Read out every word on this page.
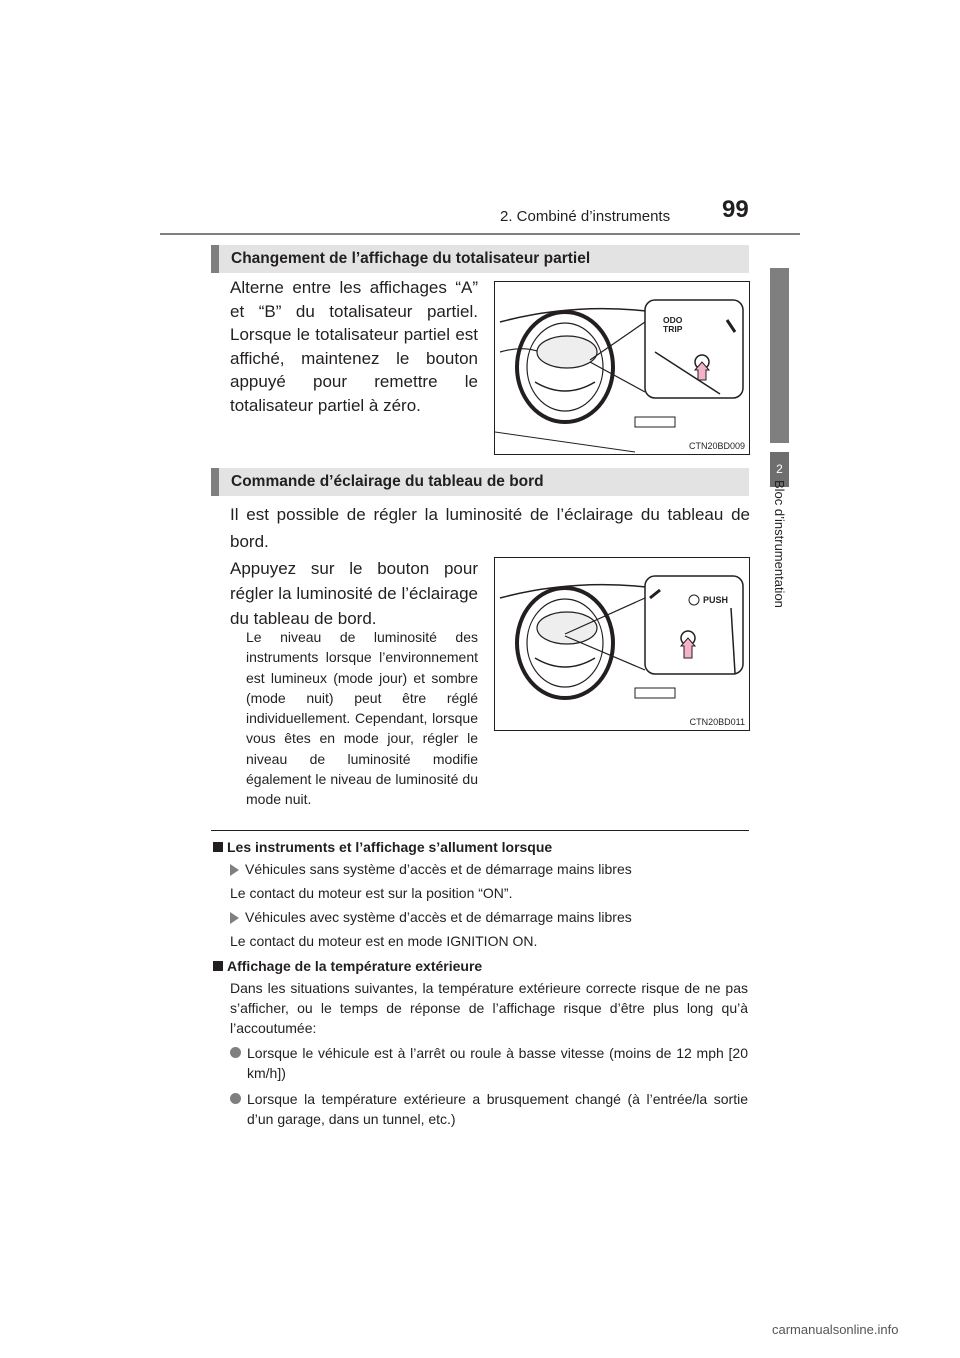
2. Combiné d’instruments 99
2
Bloc d’instrumentation
Changement de l’affichage du totalisateur partiel
Alterne entre les affichages “A” et “B” du totalisateur partiel. Lorsque le totalisateur partiel est affiché, maintenez le bouton appuyé pour remettre le totalisateur partiel à zéro.
ODO
TRIP
CTN20BD009
Commande d’éclairage du tableau de bord
Il est possible de régler la luminosité de l’éclairage du tableau de bord.
Appuyez sur le bouton pour régler la luminosité de l’éclairage du tableau de bord.
Le niveau de luminosité des instruments lorsque l’environnement est lumineux (mode jour) et sombre (mode nuit) peut être réglé individuellement. Cependant, lorsque vous êtes en mode jour, régler le niveau de luminosité modifie également le niveau de luminosité du mode nuit.
PUSH
CTN20BD011
Les instruments et l’affichage s’allument lorsque
Véhicules sans système d’accès et de démarrage mains libres
Le contact du moteur est sur la position “ON”.
Véhicules avec système d’accès et de démarrage mains libres
Le contact du moteur est en mode IGNITION ON.
Affichage de la température extérieure
Dans les situations suivantes, la température extérieure correcte risque de ne pas s’afficher, ou le temps de réponse de l’affichage risque d’être plus long qu’à l’accoutumée:
Lorsque le véhicule est à l’arrêt ou roule à basse vitesse (moins de 12 mph [20 km/h])
Lorsque la température extérieure a brusquement changé (à l’entrée/la sortie d’un garage, dans un tunnel, etc.)
carmanualsonline.info
